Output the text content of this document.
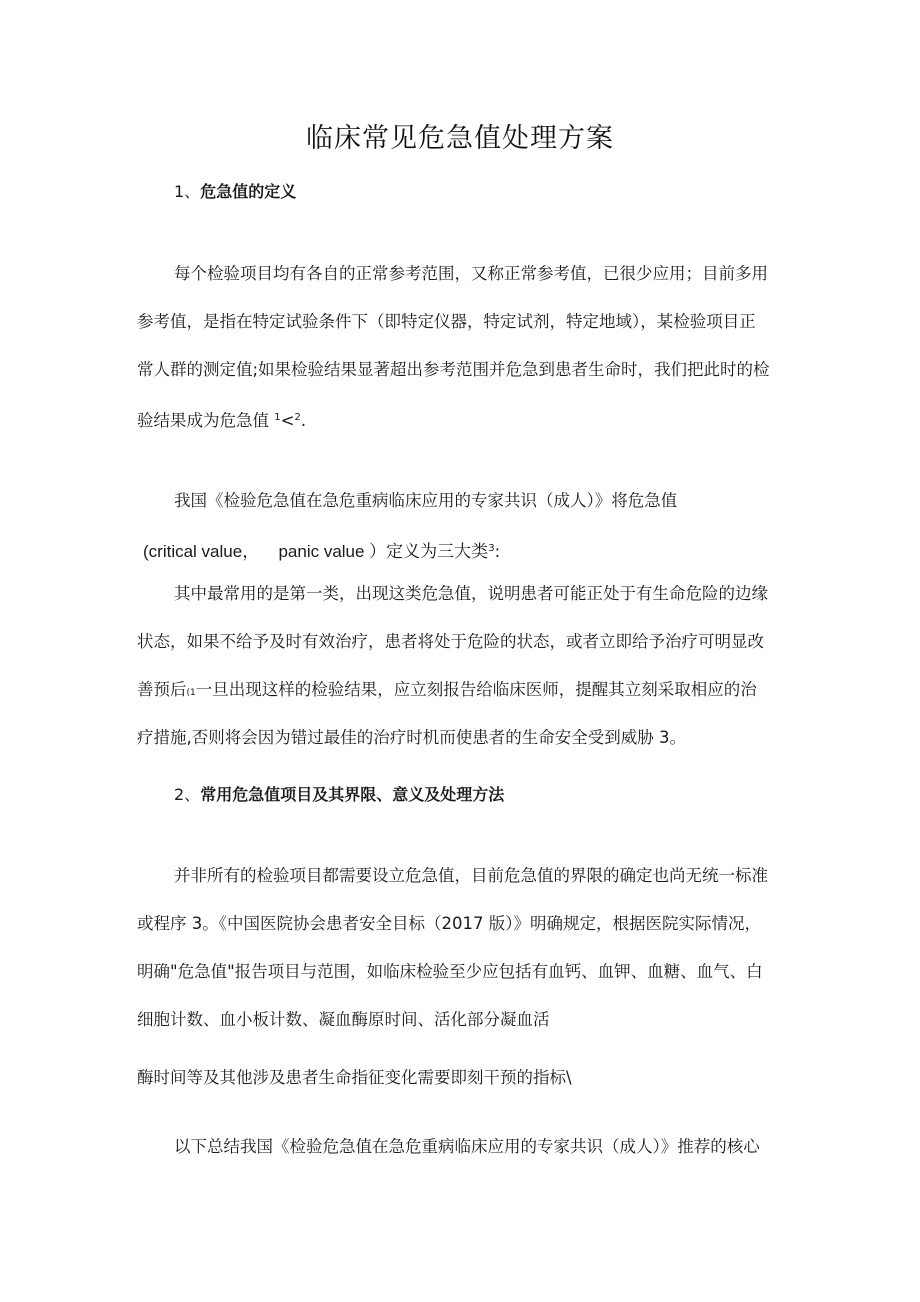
临床常见危急值处理方案
1、危急值的定义
每个检验项目均有各自的正常参考范围，又称正常参考值，已很少应用；目前多用
参考值，是指在特定试验条件下（即特定仪器，特定试剂，特定地域），某检验项目正
常人群的测定值;如果检验结果显著超出参考范围并危急到患者生命时，我们把此时的检
验结果成为危急值 $^1$<$^2$.
我国《检验危急值在急危重病临床应用的专家共识（成人）》将危急值
(critical value， panic value ）定义为三大类$^3$:
其中最常用的是第一类，出现这类危急值，说明患者可能正处于有生命危险的边缘
状态，如果不给予及时有效治疗，患者将处于危险的状态，或者立即给予治疗可明显改
善预后(1一旦出现这样的检验结果，应立刻报告给临床医师，提醒其立刻采取相应的治
疗措施,否则将会因为错过最佳的治疗时机而使患者的生命安全受到威胁 3。
2、常用危急值项目及其界限、意义及处理方法
并非所有的检验项目都需要设立危急值，目前危急值的界限的确定也尚无统一标准
或程序 3。《中国医院协会患者安全目标（2017 版）》明确规定，根据医院实际情况，
明确"危急值"报告项目与范围，如临床检验至少应包括有血钙、血钾、血糖、血气、白
细胞计数、血小板计数、凝血酶原时间、活化部分凝血活
酶时间等及其他涉及患者生命指征变化需要即刻干预的指标\
以下总结我国《检验危急值在急危重病临床应用的专家共识（成人）》推荐的核心
